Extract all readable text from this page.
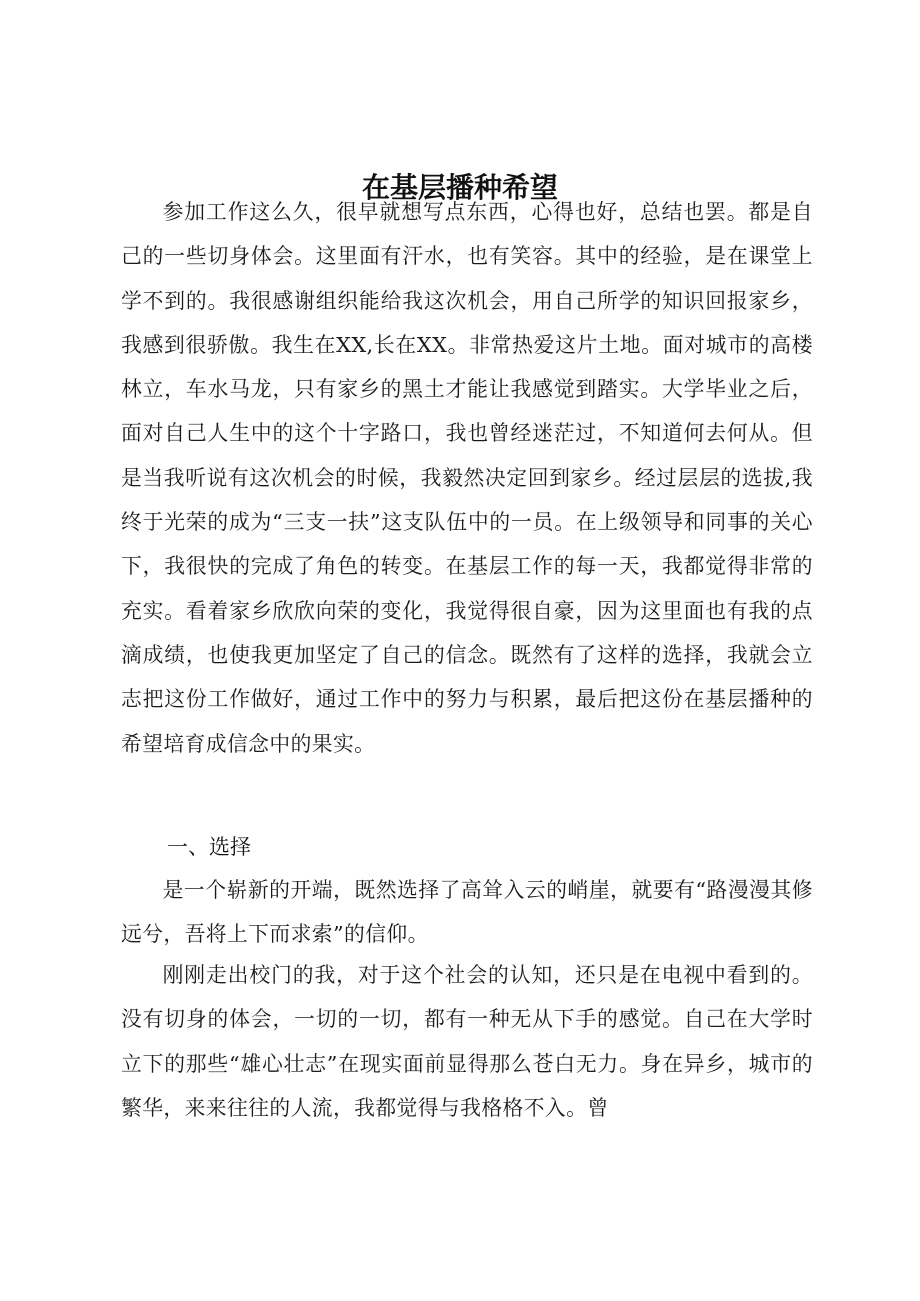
在基层播种希望

参加工作这么久，很早就想写点东西，心得也好，总结也罢。都是自己的一些切身体会。这里面有汗水，也有笑容。其中的经验，是在课堂上学不到的。我很感谢组织能给我这次机会，用自己所学的知识回报家乡，我感到很骄傲。我生在XX,长在XX。非常热爱这片土地。面对城市的高楼林立，车水马龙，只有家乡的黑土才能让我感觉到踏实。大学毕业之后，面对自己人生中的这个十字路口，我也曾经迷茫过，不知道何去何从。但是当我听说有这次机会的时候，我毅然决定回到家乡。经过层层的选拔,我终于光荣的成为“三支一扶”这支队伍中的一员。在上级领导和同事的关心下，我很快的完成了角色的转变。在基层工作的每一天，我都觉得非常的充实。看着家乡欣欣向荣的变化，我觉得很自豪，因为这里面也有我的点滴成绩，也使我更加坚定了自己的信念。既然有了这样的选择，我就会立志把这份工作做好，通过工作中的努力与积累，最后把这份在基层播种的希望培育成信念中的果实。

一、选择

是一个崭新的开端，既然选择了高耸入云的峭崖，就要有“路漫漫其修远兮，吾将上下而求索”的信仰。

刚刚走出校门的我，对于这个社会的认知，还只是在电视中看到的。没有切身的体会，一切的一切，都有一种无从下手的感觉。自己在大学时立下的那些“雄心壮志”在现实面前显得那么苍白无力。身在异乡，城市的繁华，来来往往的人流，我都觉得与我格格不入。曾
